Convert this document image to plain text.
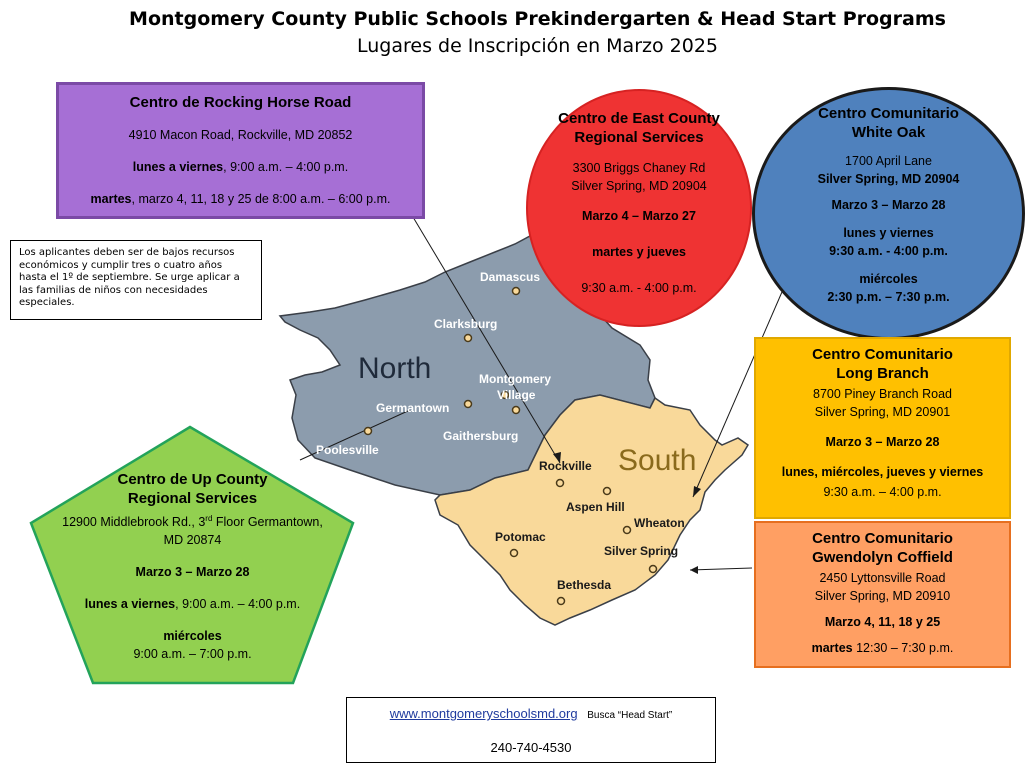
Montgomery County Public Schools Prekindergarten & Head Start Programs
Lugares de Inscripción en Marzo 2025
North
South
Damascus
Clarksburg
Montgomery
Village
Germantown
Gaithersburg
Poolesville
Rockville
Aspen Hill
Wheaton
Potomac
Silver Spring
Bethesda
Centro de Rocking Horse Road
4910 Macon Road, Rockville, MD 20852
lunes a viernes, 9:00 a.m. – 4:00 p.m.
martes, marzo 4, 11, 18 y 25 de 8:00 a.m. – 6:00 p.m.
Los aplicantes deben ser de bajos recursos económicos y cumplir tres o cuatro años hasta el 1º de septiembre. Se urge aplicar a las familias de niños con necesidades especiales.
Centro de East County
Regional Services
3300 Briggs Chaney Rd
Silver Spring, MD 20904
Marzo 4 – Marzo 27
martes y jueves
9:30 a.m. - 4:00 p.m.
Centro Comunitario
White Oak
1700 April Lane
Silver Spring, MD 20904
Marzo 3 – Marzo 28
lunes y viernes
9:30 a.m. - 4:00 p.m.
miércoles
2:30 p.m. – 7:30 p.m.
Centro Comunitario
Long Branch
8700 Piney Branch Road
Silver Spring, MD 20901
Marzo 3 – Marzo 28
lunes, miércoles, jueves y viernes
9:30 a.m. – 4:00 p.m.
Centro Comunitario
Gwendolyn Coffield
2450 Lyttonsville Road
Silver Spring, MD 20910
Marzo 4, 11, 18 y 25
martes 12:30 – 7:30 p.m.
Centro de Up County
Regional Services
12900 Middlebrook Rd., 3rd Floor Germantown,
MD 20874
Marzo 3 – Marzo 28
lunes a viernes, 9:00 a.m. – 4:00 p.m.
miércoles
9:00 a.m. – 7:00 p.m.
www.montgomeryschoolsmd.org Busca “Head Start”
240-740-4530
